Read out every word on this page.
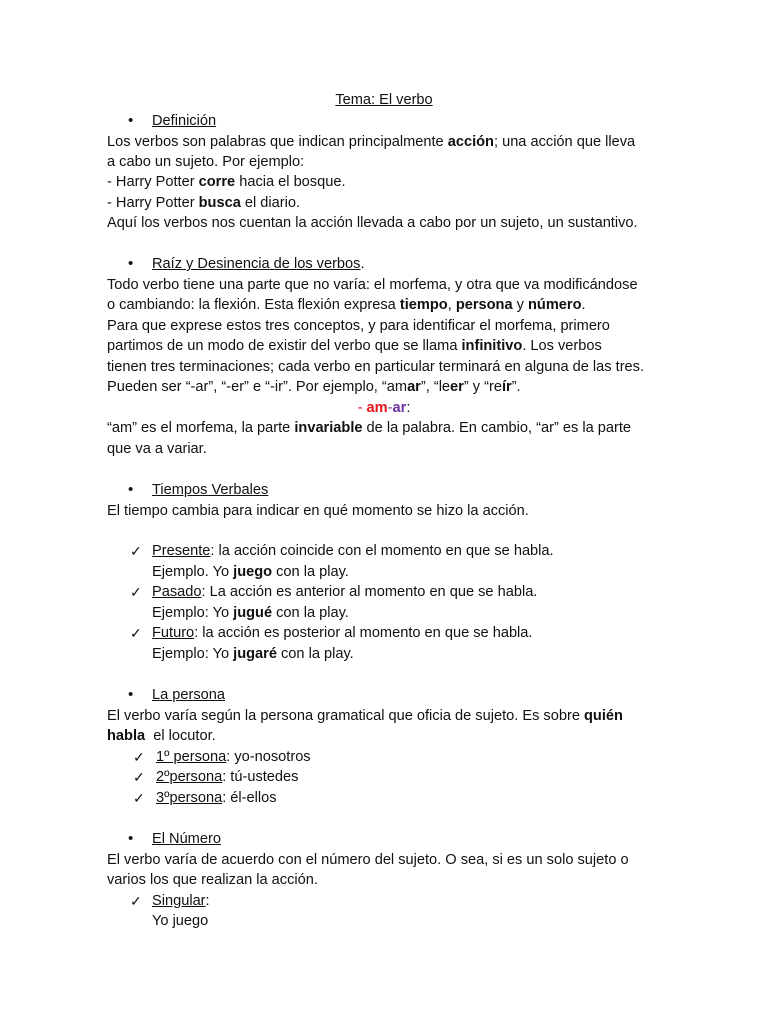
Tema: El verbo
• Definición
Los verbos son palabras que indican principalmente acción; una acción que lleva
a cabo un sujeto. Por ejemplo:
- Harry Potter corre hacia el bosque.
- Harry Potter busca el diario.
Aquí los verbos nos cuentan la acción llevada a cabo por un sujeto, un sustantivo.
• Raíz y Desinencia de los verbos.
Todo verbo tiene una parte que no varía: el morfema, y otra que va modificándose
o cambiando: la flexión. Esta flexión expresa tiempo, persona y número.
Para que exprese estos tres conceptos, y para identificar el morfema, primero
partimos de un modo de existir del verbo que se llama infinitivo. Los verbos
tienen tres terminaciones; cada verbo en particular terminará en alguna de las tres.
Pueden ser “-ar”, “-er” e “-ir”. Por ejemplo, “amar”, “leer” y “reír”.
- am-ar:
“am” es el morfema, la parte invariable de la palabra. En cambio, “ar” es la parte
que va a variar.
• Tiempos Verbales
El tiempo cambia para indicar en qué momento se hizo la acción.
✓ Presente: la acción coincide con el momento en que se habla.
Ejemplo. Yo juego con la play.
✓ Pasado: La acción es anterior al momento en que se habla.
Ejemplo: Yo jugué con la play.
✓ Futuro: la acción es posterior al momento en que se habla.
Ejemplo: Yo jugaré con la play.
• La persona
El verbo varía según la persona gramatical que oficia de sujeto. Es sobre quién
habla  el locutor.
✓ 1º persona: yo-nosotros
✓ 2ºpersona: tú-ustedes
✓ 3ºpersona: él-ellos
• El Número
El verbo varía de acuerdo con el número del sujeto. O sea, si es un solo sujeto o
varios los que realizan la acción.
✓ Singular:
Yo juego
